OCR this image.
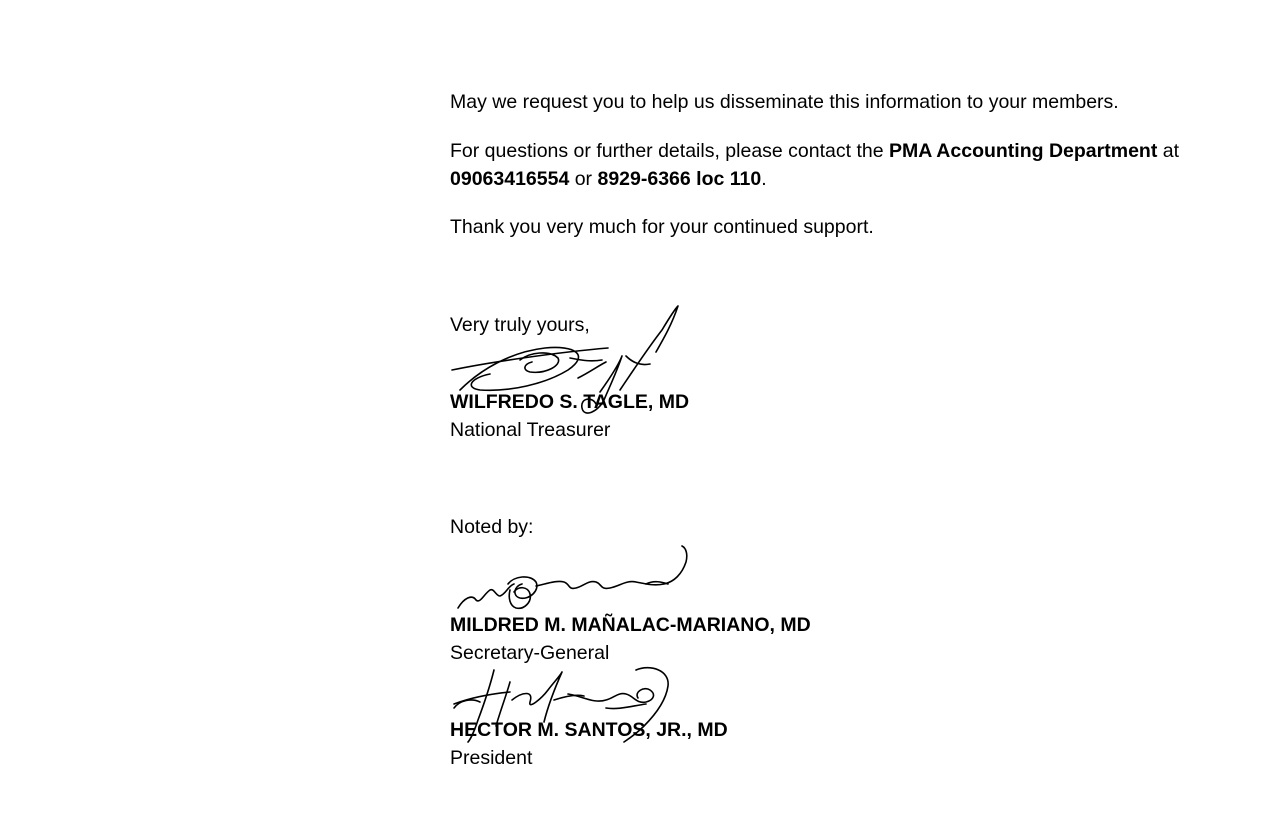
May we request you to help us disseminate this information to your members.
For questions or further details, please contact the PMA Accounting Department at
09063416554 or 8929-6366 loc 110.
Thank you very much for your continued support.
Very truly yours,
WILFREDO S. TAGLE, MD
National Treasurer
Noted by:
MILDRED M. MAÑALAC-MARIANO, MD
Secretary-General
HECTOR M. SANTOS, JR., MD
President
